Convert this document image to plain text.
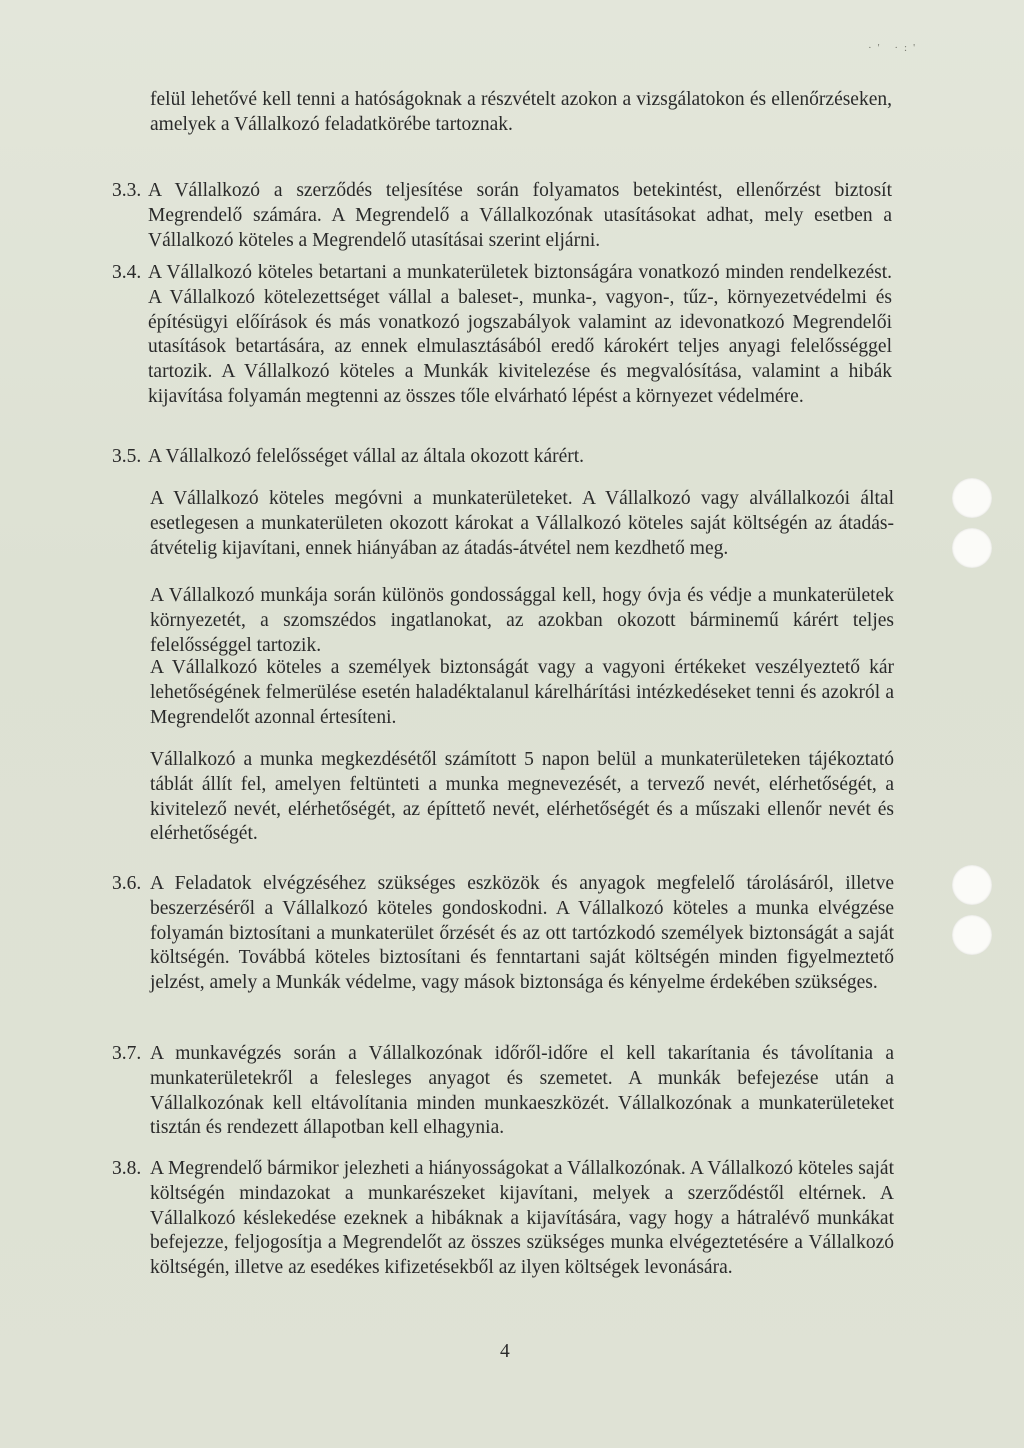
·' ·:'

felül lehetővé kell tenni a hatóságoknak a részvételt azokon a vizsgálatokon és ellenőrzéseken, amelyek a Vállalkozó feladatkörébe tartoznak.

3.3. A Vállalkozó a szerződés teljesítése során folyamatos betekintést, ellenőrzést biztosít Megrendelő számára. A Megrendelő a Vállalkozónak utasításokat adhat, mely esetben a Vállalkozó köteles a Megrendelő utasításai szerint eljárni.

3.4. A Vállalkozó köteles betartani a munkaterületek biztonságára vonatkozó minden rendelkezést. A Vállalkozó kötelezettséget vállal a baleset-, munka-, vagyon-, tűz-, környezetvédelmi és építésügyi előírások és más vonatkozó jogszabályok valamint az idevonatkozó Megrendelői utasítások betartására, az ennek elmulasztásából eredő károkért teljes anyagi felelősséggel tartozik. A Vállalkozó köteles a Munkák kivitelezése és megvalósítása, valamint a hibák kijavítása folyamán megtenni az összes tőle elvárható lépést a környezet védelmére.

3.5. A Vállalkozó felelősséget vállal az általa okozott kárért.

A Vállalkozó köteles megóvni a munkaterületeket. A Vállalkozó vagy alvállalkozói által esetlegesen a munkaterületen okozott károkat a Vállalkozó köteles saját költségén az átadás-átvételig kijavítani, ennek hiányában az átadás-átvétel nem kezdhető meg.

A Vállalkozó munkája során különös gondossággal kell, hogy óvja és védje a munkaterületek környezetét, a szomszédos ingatlanokat, az azokban okozott bárminemű kárért teljes felelősséggel tartozik.

A Vállalkozó köteles a személyek biztonságát vagy a vagyoni értékeket veszélyeztető kár lehetőségének felmerülése esetén haladéktalanul kárelhárítási intézkedéseket tenni és azokról a Megrendelőt azonnal értesíteni.

Vállalkozó a munka megkezdésétől számított 5 napon belül a munkaterületeken tájékoztató táblát állít fel, amelyen feltünteti a munka megnevezését, a tervező nevét, elérhetőségét, a kivitelező nevét, elérhetőségét, az építtető nevét, elérhetőségét és a műszaki ellenőr nevét és elérhetőségét.

3.6. A Feladatok elvégzéséhez szükséges eszközök és anyagok megfelelő tárolásáról, illetve beszerzéséről a Vállalkozó köteles gondoskodni. A Vállalkozó köteles a munka elvégzése folyamán biztosítani a munkaterület őrzését és az ott tartózkodó személyek biztonságát a saját költségén. Továbbá köteles biztosítani és fenntartani saját költségén minden figyelmeztető jelzést, amely a Munkák védelme, vagy mások biztonsága és kényelme érdekében szükséges.

3.7. A munkavégzés során a Vállalkozónak időről-időre el kell takarítania és távolítania a munkaterületekről a felesleges anyagot és szemetet. A munkák befejezése után a Vállalkozónak kell eltávolítania minden munkaeszközét. Vállalkozónak a munkaterületeket tisztán és rendezett állapotban kell elhagynia.

3.8. A Megrendelő bármikor jelezheti a hiányosságokat a Vállalkozónak. A Vállalkozó köteles saját költségén mindazokat a munkarészeket kijavítani, melyek a szerződéstől eltérnek. A Vállalkozó késlekedése ezeknek a hibáknak a kijavítására, vagy hogy a hátralévő munkákat befejezze, feljogosítja a Megrendelőt az összes szükséges munka elvégeztetésére a Vállalkozó költségén, illetve az esedékes kifizetésekből az ilyen költségek levonására.

4
